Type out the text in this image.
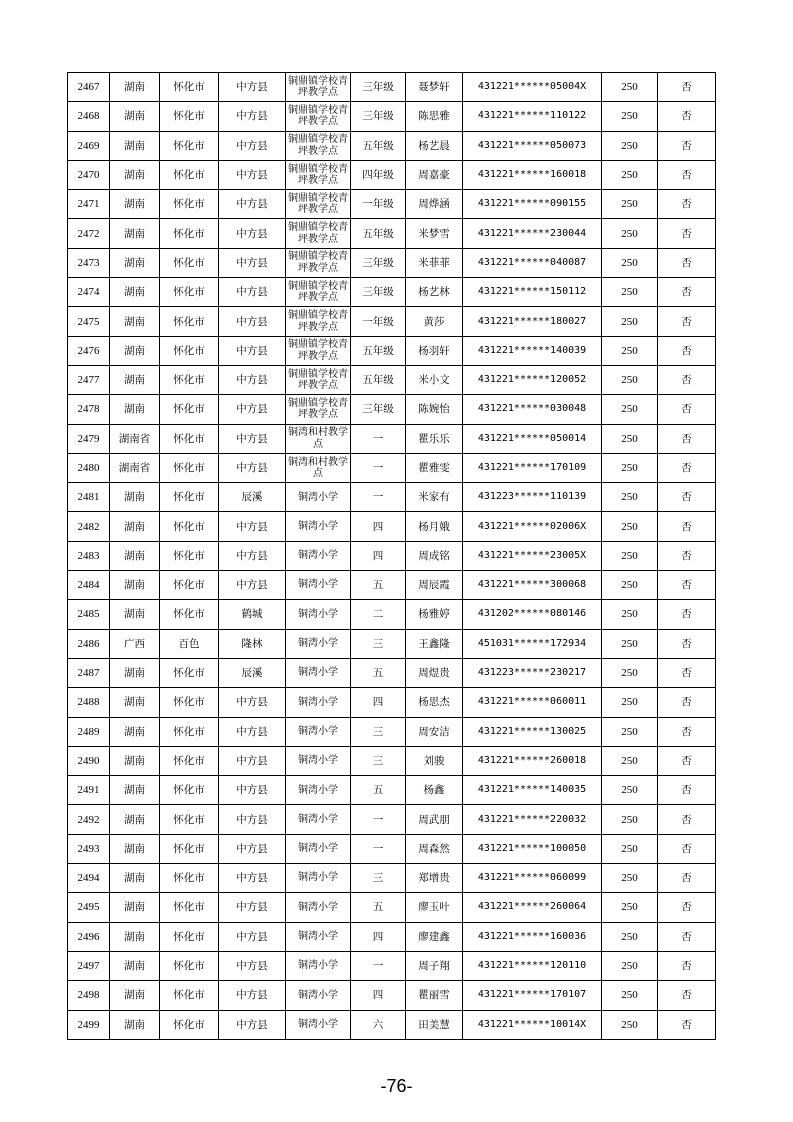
2467	湖南	怀化市	中方县	铜鼎镇学校青坪教学点	三年级	聂梦轩	431221******05004X	250	否
2468	湖南	怀化市	中方县	铜鼎镇学校青坪教学点	三年级	陈思雅	431221******110122	250	否
2469	湖南	怀化市	中方县	铜鼎镇学校青坪教学点	五年级	杨艺晨	431221******050073	250	否
2470	湖南	怀化市	中方县	铜鼎镇学校青坪教学点	四年级	周嘉豪	431221******160018	250	否
2471	湖南	怀化市	中方县	铜鼎镇学校青坪教学点	一年级	周烨涵	431221******090155	250	否
2472	湖南	怀化市	中方县	铜鼎镇学校青坪教学点	五年级	米梦雪	431221******230044	250	否
2473	湖南	怀化市	中方县	铜鼎镇学校青坪教学点	三年级	米菲菲	431221******040087	250	否
2474	湖南	怀化市	中方县	铜鼎镇学校青坪教学点	三年级	杨艺林	431221******150112	250	否
2475	湖南	怀化市	中方县	铜鼎镇学校青坪教学点	一年级	黄莎	431221******180027	250	否
2476	湖南	怀化市	中方县	铜鼎镇学校青坪教学点	五年级	杨羽轩	431221******140039	250	否
2477	湖南	怀化市	中方县	铜鼎镇学校青坪教学点	五年级	米小文	431221******120052	250	否
2478	湖南	怀化市	中方县	铜鼎镇学校青坪教学点	三年级	陈婉怡	431221******030048	250	否
2479	湖南省	怀化市	中方县	铜湾和村教学点	一	瞿乐乐	431221******050014	250	否
2480	湖南省	怀化市	中方县	铜湾和村教学点	一	瞿雅雯	431221******170109	250	否
2481	湖南	怀化市	辰溪	铜湾小学	一	米家有	431223******110139	250	否
2482	湖南	怀化市	中方县	铜湾小学	四	杨月娥	431221******02006X	250	否
2483	湖南	怀化市	中方县	铜湾小学	四	周成铭	431221******23005X	250	否
2484	湖南	怀化市	中方县	铜湾小学	五	周辰霞	431221******300068	250	否
2485	湖南	怀化市	鹤城	铜湾小学	二	杨雅婷	431202******080146	250	否
2486	广西	百色	隆林	铜湾小学	三	王鑫隆	451031******172934	250	否
2487	湖南	怀化市	辰溪	铜湾小学	五	周煜贵	431223******230217	250	否
2488	湖南	怀化市	中方县	铜湾小学	四	杨思杰	431221******060011	250	否
2489	湖南	怀化市	中方县	铜湾小学	三	周安洁	431221******130025	250	否
2490	湖南	怀化市	中方县	铜湾小学	三	刘骏	431221******260018	250	否
2491	湖南	怀化市	中方县	铜湾小学	五	杨鑫	431221******140035	250	否
2492	湖南	怀化市	中方县	铜湾小学	一	周武朋	431221******220032	250	否
2493	湖南	怀化市	中方县	铜湾小学	一	周森然	431221******100050	250	否
2494	湖南	怀化市	中方县	铜湾小学	三	郑增贵	431221******060099	250	否
2495	湖南	怀化市	中方县	铜湾小学	五	廖玉叶	431221******260064	250	否
2496	湖南	怀化市	中方县	铜湾小学	四	廖建鑫	431221******160036	250	否
2497	湖南	怀化市	中方县	铜湾小学	一	周子翔	431221******120110	250	否
2498	湖南	怀化市	中方县	铜湾小学	四	瞿丽雪	431221******170107	250	否
2499	湖南	怀化市	中方县	铜湾小学	六	田美慧	431221******10014X	250	否
-76-
